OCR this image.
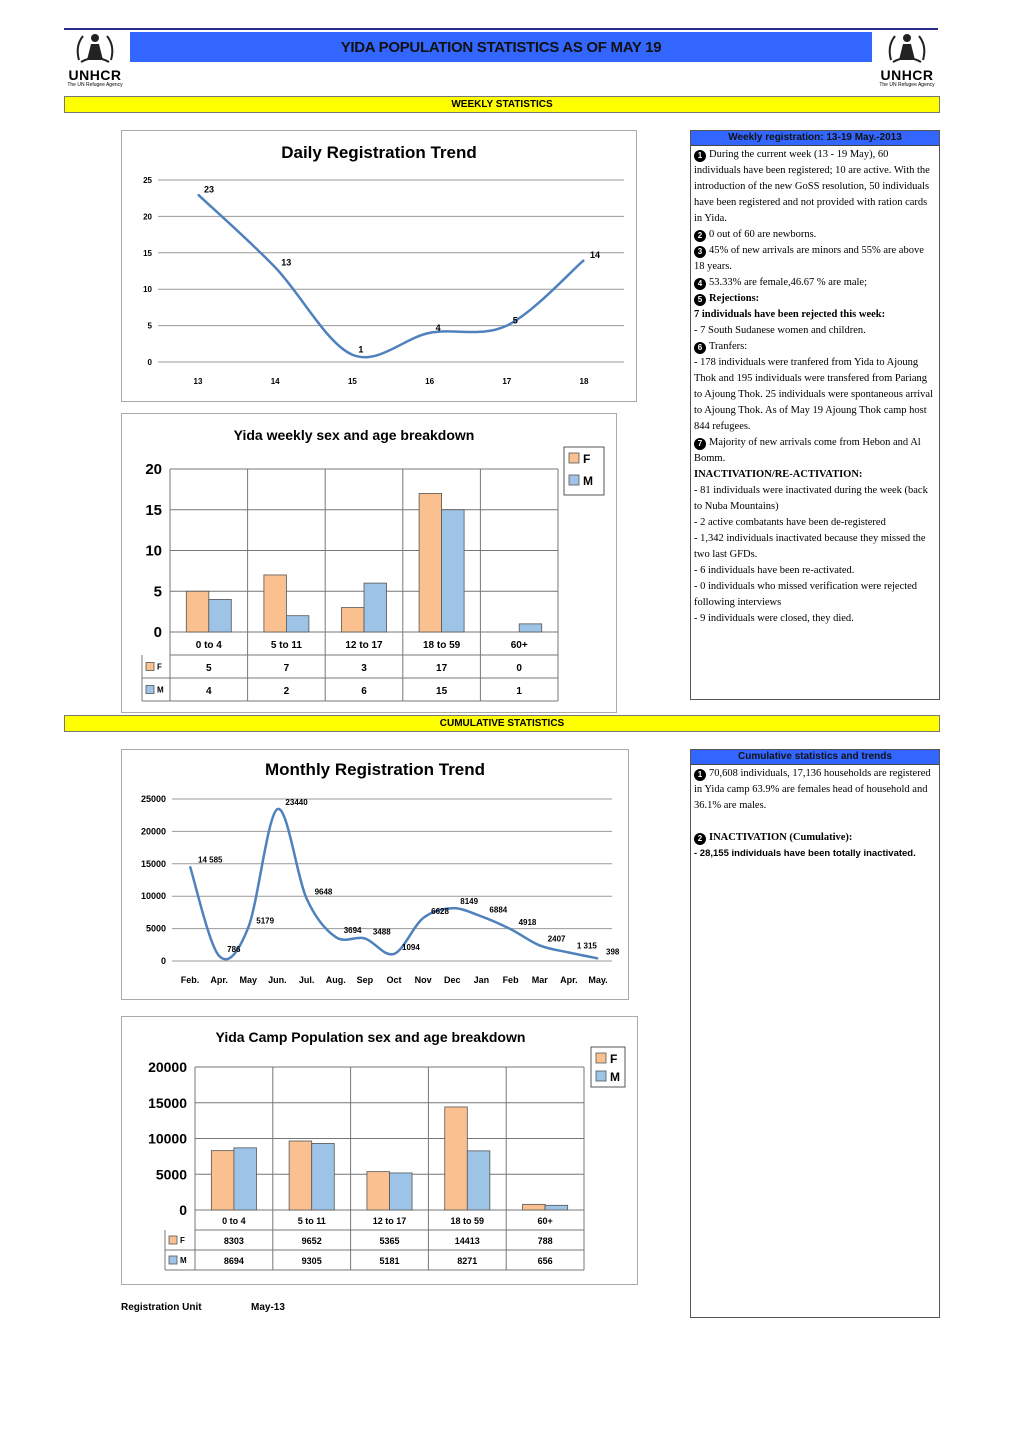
UNHCR
The UN Refugee Agency
UNHCR
The UN Refugee Agency
YIDA POPULATION STATISTICS AS OF MAY 19
WEEKLY STATISTICS
Daily Registration Trend
0
5
10
15
20
25
13	14	15	16	17	18
23
13
1
4
5
14
Yida weekly sex and age breakdown
0
5
10
15
20
0 to 4	5 to 11	12 to 17	18 to 59	60+
F	5	7	3	17	0
M	4	2	6	15	1
F
M
Weekly registration: 13-19 May.-2013

1 During the current week (13 - 19 May), 60 individuals have been registered; 10 are active. With the introduction of the new GoSS resolution, 50 individuals have been registered and not provided with ration cards in Yida.

2 0 out of 60 are newborns.

3 45% of new arrivals are minors and 55% are above 18 years.

4 53.33% are female,46.67 % are male;

5 Rejections:

7 individuals have been rejected this week:

- 7 South Sudanese women and children.

6 Tranfers:

- 178 individuals were tranfered from Yida to Ajoung Thok and 195 individuals were transfered from Pariang to Ajoung Thok. 25 individuals were spontaneous arrival to Ajoung Thok. As of May 19 Ajoung Thok camp host 844 refugees.

7 Majority of new arrivals come from Hebon and Al Bomm.

INACTIVATION/RE-ACTIVATION:

- 81 individuals were inactivated during the week (back to Nuba Mountains)

- 2 active combatants have been de-registered

- 1,342 individuals inactivated because they missed the two last GFDs.

- 6 individuals have been re-activated.

- 0 individuals who missed verification were rejected following interviews

- 9 individuals were closed, they died.

CUMULATIVE STATISTICS
Monthly Registration Trend
0
5000
10000
15000
20000
25000
Feb. Apr. May Jun. Jul. Aug. Sep Oct Nov Dec Jan Feb Mar Apr. May.
14 585
786
5179
23440
9648
3694 3488
1094
6628
8149
6884
4918
2407
1 315
398
Yida Camp Population sex and age breakdown
0
5000
10000
15000
20000
0 to 4	5 to 11	12 to 17	18 to 59	60+
F	8303	9652	5365	14413	788
M	8694	9305	5181	8271	656
F
M
Cumulative statistics and trends

1 70,608 individuals, 17,136 households are registered in Yida camp 63.9% are females head of household and 36.1% are males.

2 INACTIVATION (Cumulative):

- 28,155 individuals have been totally inactivated.

Registration Unit	May-13
